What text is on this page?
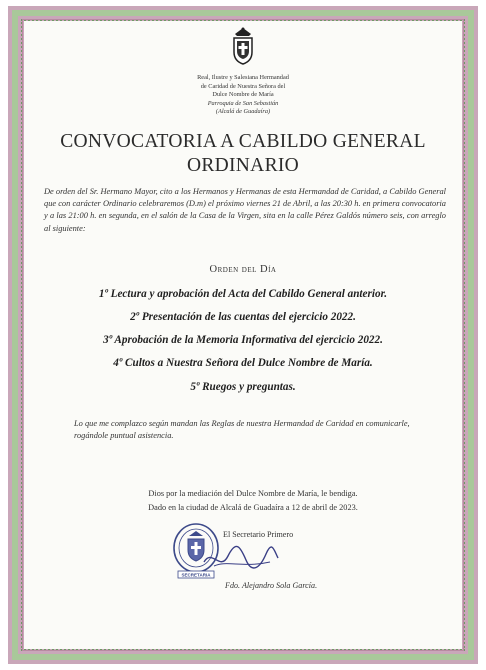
Real, Ilustre y Salesiana Hermandad
de Caridad de Nuestra Señora del
Dulce Nombre de María
Parroquia de San Sebastián
(Alcalá de Guadaíra)
CONVOCATORIA A CABILDO GENERAL
ORDINARIO
De orden del Sr. Hermano Mayor, cito a los Hermanos y Hermanas de esta Hermandad de Caridad, a Cabildo General que con carácter Ordinario celebraremos (D.m) el próximo viernes 21 de Abril, a las 20:30 h. en primera convocatoria y a las 21:00 h. en segunda, en el salón de la Casa de la Virgen, sita en la calle Pérez Galdós número seis, con arreglo al siguiente:
Orden del Día
1º Lectura y aprobación del Acta del Cabildo General anterior.
2º Presentación de las cuentas del ejercicio 2022.
3º Aprobación de la Memoria Informativa del ejercicio 2022.
4º Cultos a Nuestra Señora del Dulce Nombre de María.
5º Ruegos y preguntas.
Lo que me complazco según mandan las Reglas de nuestra Hermandad de Caridad en comunicarle, rogándole puntual asistencia.
Dios por la mediación del Dulce Nombre de María, le bendiga.
Dado en la ciudad de Alcalá de Guadaíra a 12 de abril de 2023.
El Secretario Primero
SECRETARIA
Fdo. Alejandro Sola García.
